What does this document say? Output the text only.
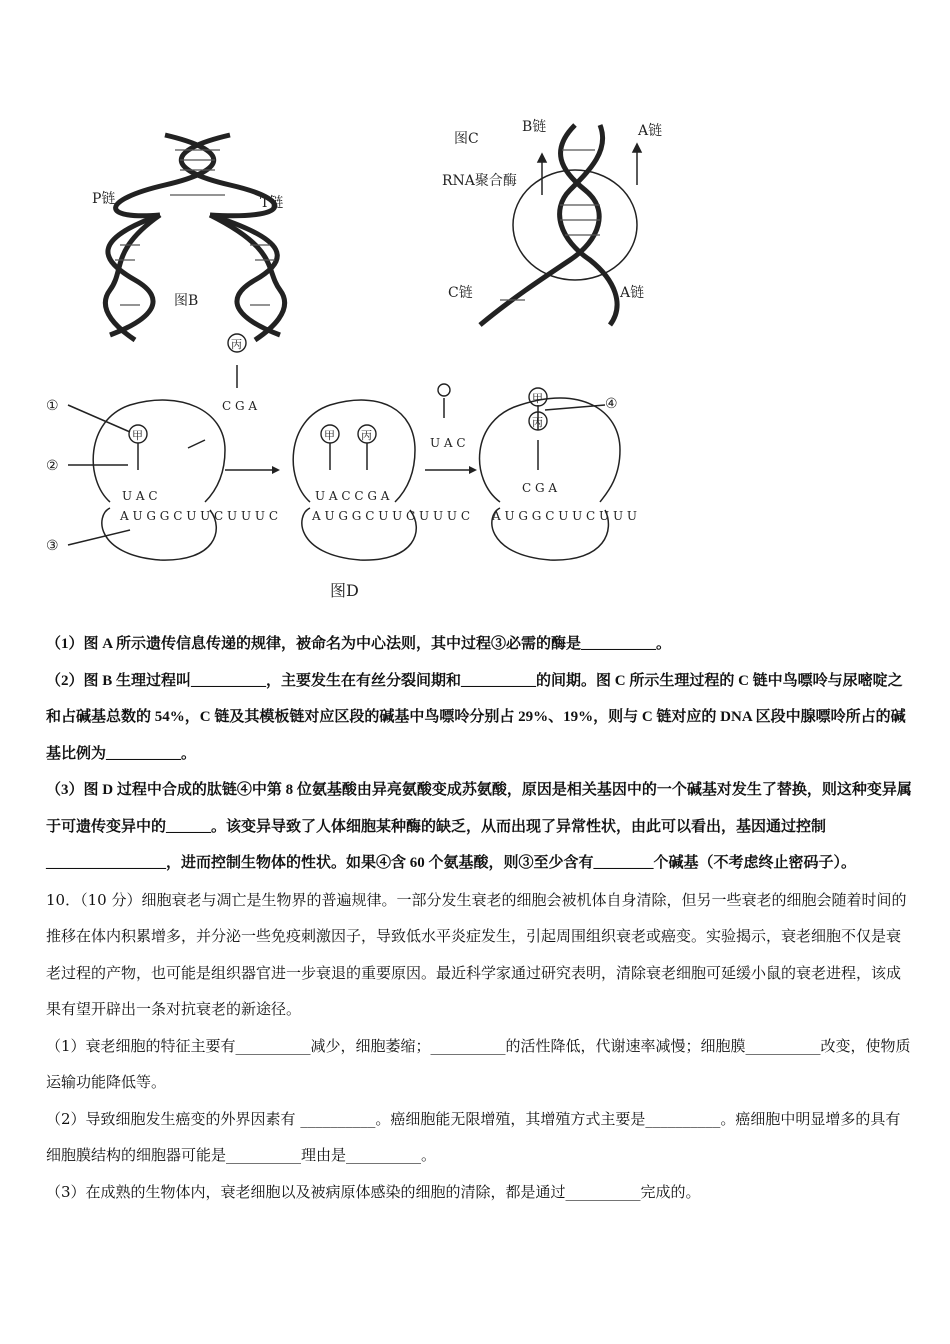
P链	T链
图B
图C
B链	A链
RNA聚合酶
C链	A链
甲	甲 丙
甲
丙
丙
C G A
U A C
A U G G C U U C U U U C
U A C C G A
A U G G C U U C U U U C
U A C
C G A
A U G G C U U C U U U C
①
②
③
④
图D

（1）图 A 所示遗传信息传递的规律，被命名为中心法则，其中过程③必需的酶是__________。

（2）图 B 生理过程叫__________，主要发生在有丝分裂间期和__________的间期。图 C 所示生理过程的 C 链中鸟嘌呤与尿嘧啶之和占碱基总数的 54%，C 链及其模板链对应区段的碱基中鸟嘌呤分别占 29%、19%，则与 C 链对应的 DNA 区段中腺嘌呤所占的碱基比例为__________。

（3）图 D 过程中合成的肽链④中第 8 位氨基酸由异亮氨酸变成苏氨酸，原因是相关基因中的一个碱基对发生了替换，则这种变异属于可遗传变异中的______。该变异导致了人体细胞某种酶的缺乏，从而出现了异常性状，由此可以看出，基因通过控制________________，进而控制生物体的性状。如果④含 60 个氨基酸，则③至少含有________个碱基（不考虑终止密码子）。

10．（10 分）细胞衰老与凋亡是生物界的普遍规律。一部分发生衰老的细胞会被机体自身清除，但另一些衰老的细胞会随着时间的推移在体内积累增多，并分泌一些免疫刺激因子，导致低水平炎症发生，引起周围组织衰老或癌变。实验揭示，衰老细胞不仅是衰老过程的产物，也可能是组织器官进一步衰退的重要原因。最近科学家通过研究表明，清除衰老细胞可延缓小鼠的衰老进程，该成果有望开辟出一条对抗衰老的新途径。

（1）衰老细胞的特征主要有__________减少，细胞萎缩；__________的活性降低，代谢速率减慢；细胞膜__________改变，使物质运输功能降低等。

（2）导致细胞发生癌变的外界因素有 __________。癌细胞能无限增殖，其增殖方式主要是__________。癌细胞中明显增多的具有细胞膜结构的细胞器可能是__________理由是__________。

（3）在成熟的生物体内，衰老细胞以及被病原体感染的细胞的清除，都是通过__________完成的。
